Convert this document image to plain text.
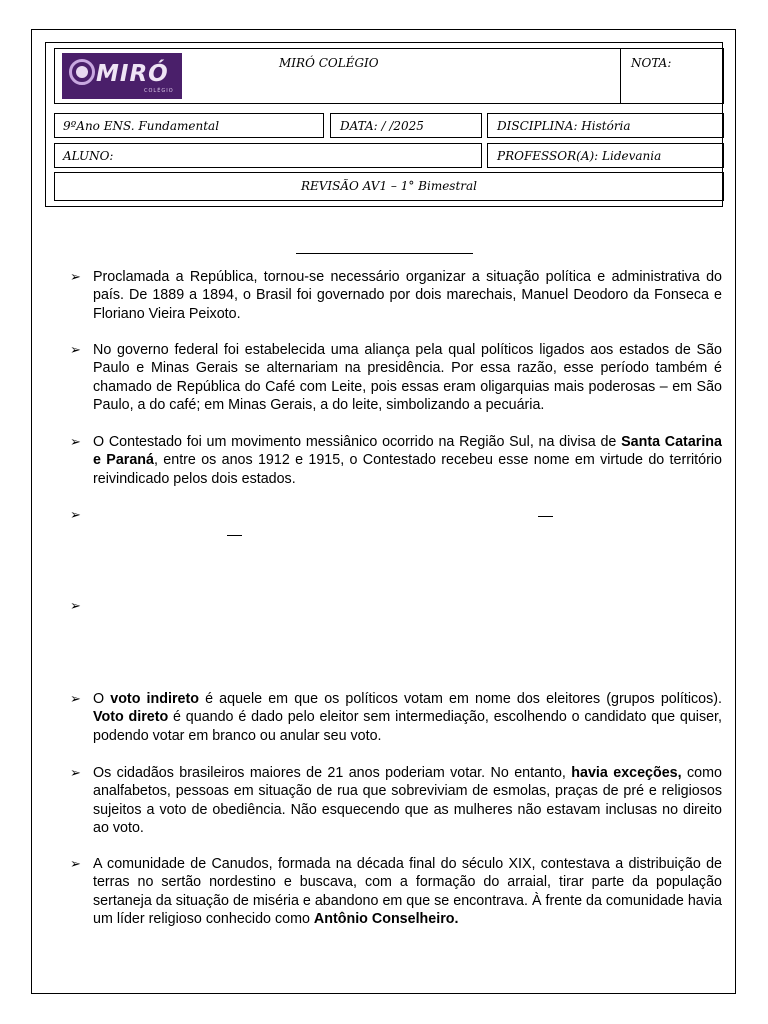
MIRÓ COLÉGIO
MIRÓ
COLÉGIO
NOTA:
9ºAno ENS. Fundamental	DATA: / /2025	DISCIPLINA: História
ALUNO:	PROFESSOR(A): Lidevania
REVISÃO AV1 – 1° Bimestral
➢ Proclamada a República, tornou-se necessário organizar a situação política e administrativa do país. De 1889 a 1894, o Brasil foi governado por dois marechais, Manuel Deodoro da Fonseca e Floriano Vieira Peixoto.
➢ No governo federal foi estabelecida uma aliança pela qual políticos ligados aos estados de São Paulo e Minas Gerais se alternariam na presidência. Por essa razão, esse período também é chamado de República do Café com Leite, pois essas eram oligarquias mais poderosas – em São Paulo, a do café; em Minas Gerais, a do leite, simbolizando a pecuária.
➢ O Contestado foi um movimento messiânico ocorrido na Região Sul, na divisa de Santa Catarina e Paraná, entre os anos 1912 e 1915, o Contestado recebeu esse nome em virtude do território reivindicado pelos dois estados.
➢
➢
➢ O voto indireto é aquele em que os políticos votam em nome dos eleitores (grupos políticos). Voto direto é quando é dado pelo eleitor sem intermediação, escolhendo o candidato que quiser, podendo votar em branco ou anular seu voto.
➢ Os cidadãos brasileiros maiores de 21 anos poderiam votar. No entanto, havia exceções, como analfabetos, pessoas em situação de rua que sobreviviam de esmolas, praças de pré e religiosos sujeitos a voto de obediência. Não esquecendo que as mulheres não estavam inclusas no direito ao voto.
➢ A comunidade de Canudos, formada na década final do século XIX, contestava a distribuição de terras no sertão nordestino e buscava, com a formação do arraial, tirar parte da população sertaneja da situação de miséria e abandono em que se encontrava. À frente da comunidade havia um líder religioso conhecido como Antônio Conselheiro.
